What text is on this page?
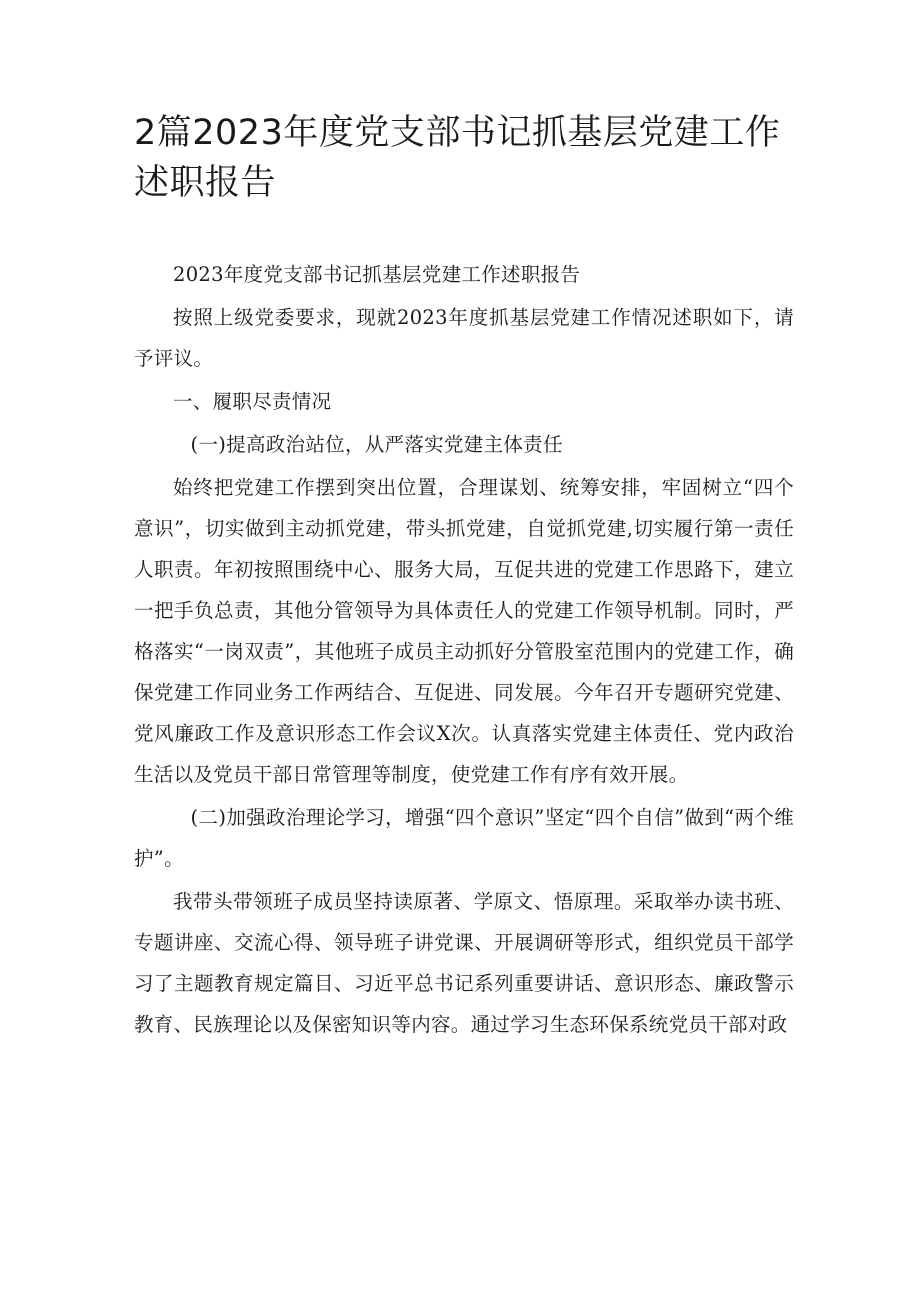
2篇2023年度党支部书记抓基层党建工作述职报告

2023年度党支部书记抓基层党建工作述职报告

按照上级党委要求，现就2023年度抓基层党建工作情况述职如下，请予评议。

一、履职尽责情况

(一)提高政治站位，从严落实党建主体责任

始终把党建工作摆到突出位置，合理谋划、统筹安排，牢固树立“四个意识”，切实做到主动抓党建，带头抓党建，自觉抓党建,切实履行第一责任人职责。年初按照围绕中心、服务大局，互促共进的党建工作思路下，建立一把手负总责，其他分管领导为具体责任人的党建工作领导机制。同时，严格落实“一岗双责”，其他班子成员主动抓好分管股室范围内的党建工作，确保党建工作同业务工作两结合、互促进、同发展。今年召开专题研究党建、党风廉政工作及意识形态工作会议X次。认真落实党建主体责任、党内政治生活以及党员干部日常管理等制度，使党建工作有序有效开展。

(二)加强政治理论学习，增强“四个意识”坚定“四个自信”做到“两个维护”。

我带头带领班子成员坚持读原著、学原文、悟原理。采取举办读书班、专题讲座、交流心得、领导班子讲党课、开展调研等形式，组织党员干部学习了主题教育规定篇目、习近平总书记系列重要讲话、意识形态、廉政警示教育、民族理论以及保密知识等内容。通过学习生态环保系统党员干部对政
